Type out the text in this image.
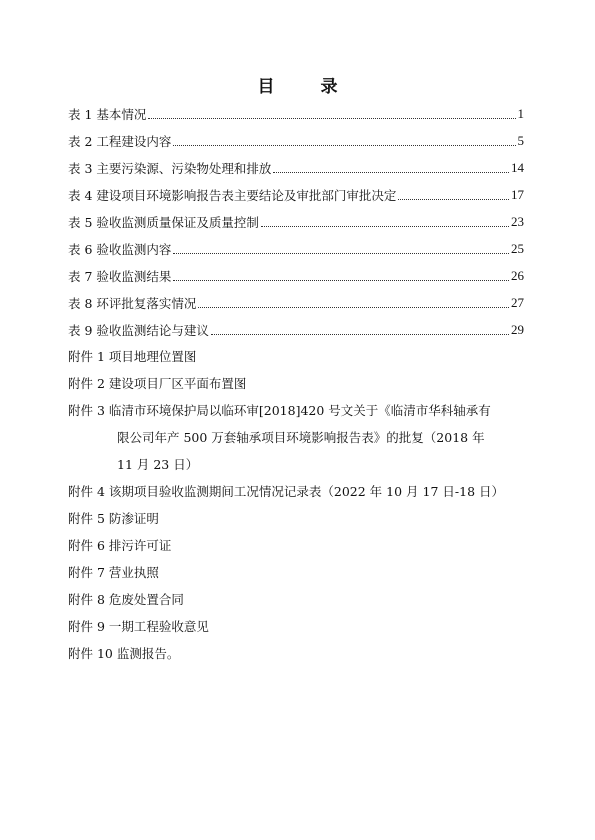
目 录
表 1 基本情况	1
表 2 工程建设内容	5
表 3 主要污染源、污染物处理和排放	14
表 4 建设项目环境影响报告表主要结论及审批部门审批决定	17
表 5 验收监测质量保证及质量控制	23
表 6 验收监测内容	25
表 7 验收监测结果	26
表 8 环评批复落实情况	27
表 9 验收监测结论与建议	29
附件 1 项目地理位置图
附件 2 建设项目厂区平面布置图
附件 3 临清市环境保护局以临环审[2018]420 号文关于《临清市华科轴承有
限公司年产 500 万套轴承项目环境影响报告表》的批复（2018 年
11 月 23 日）
附件 4 该期项目验收监测期间工况情况记录表（2022 年 10 月 17 日-18 日）
附件 5 防渗证明
附件 6 排污许可证
附件 7 营业执照
附件 8 危废处置合同
附件 9 一期工程验收意见
附件 10 监测报告。
